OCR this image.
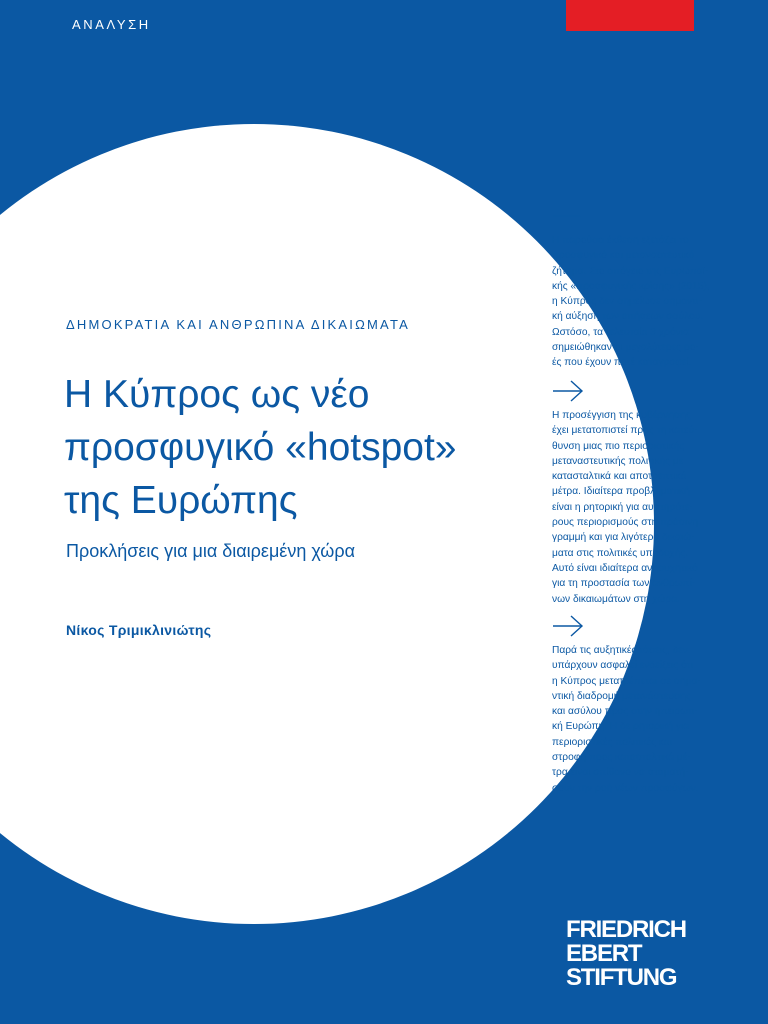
ΑΝΑΛΥΣΗ
ΔΗΜΟΚΡΑΤΙΑ ΚΑΙ ΑΝΘΡΩΠΙΝΑ ΔΙΚΑΙΩΜΑΤΑ
Η Κύπρος ως νέο
προσφυγικό «hotspot»
της Ευρώπης
Προκλήσεις για μια διαιρεμένη χώρα
Νίκος Τριμικλινιώτης

Η παρούσα έκθεση εξετάζει το
προσφυγικό και μεταναστευτικό
ζήτημα. Στο απόγειο της Ευρωπαϊ-
κής «προσφυγικής κρίσης» (2015),
η Κύπρος δεν σημείωσε σημαντι-
κή αύξηση των αιτήσεων ασύλου.
Ωστόσο, τα τελευταία 3 χρόνια
σημειώθηκαν οι μεγαλύτερες ρο-
ές που έχουν ποτέ καταγραφεί.

Η προσέγγιση της κυβέρνησης
έχει μετατοπιστεί προς τη κατεύ-
θυνση μιας πιο περιοριστικής
μεταναστευτικής πολιτικής με
κατασταλτικά και αποτρεπτικά
μέτρα. Ιδιαίτερα προβληματική
είναι η ρητορική για αυστηρότε-
ρους περιορισμούς στη πράσινη
γραμμή και για λιγότερα δικαιώ-
ματα στις πολιτικές υποδοχής.
Αυτό είναι ιδιαίτερα ανησυχητικό
για τη προστασία των ανθρωπί-
νων δικαιωμάτων στη χώρα.

Παρά τις αυξητικές τάσεις, δεν
υπάρχουν ασφαλεί ενδείξεις ότι
η Κύπρος μετατρέπεται σε σημα-
ντική διαδρομή μετανάστευσης
και ασύλου προς στην ηπειρωτι-
κή Ευρώπη. Η δε ρητορική για
περιοριστικές πολιτικές και
στροφή προς κατασταλτικά μέ-
τρα είναι απίθανο να σταματή-
σουν την ροή νέων προσφύγων.

FRIEDRICH
EBERT
STIFTUNG
